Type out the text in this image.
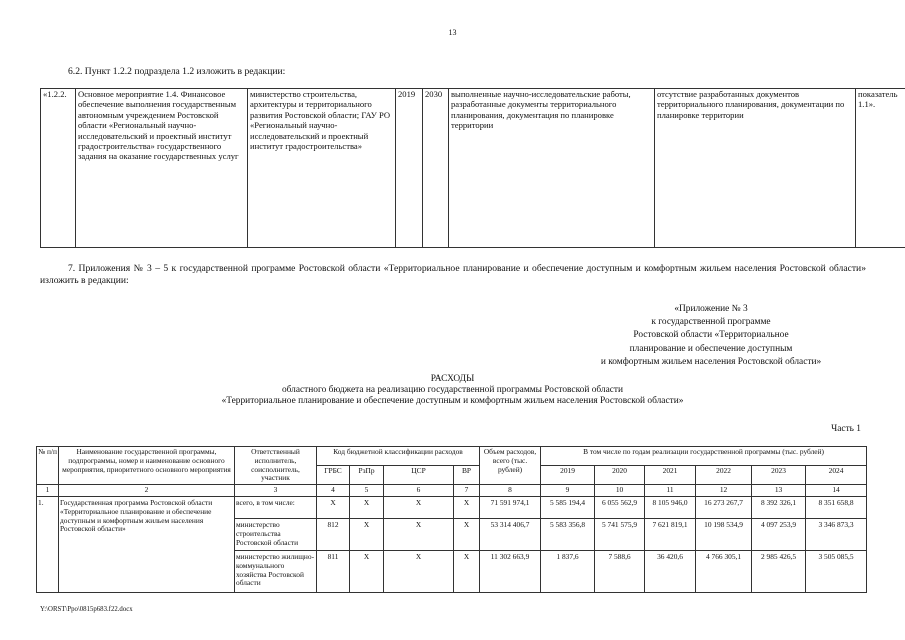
13
6.2. Пункт 1.2.2 подраздела 1.2 изложить в редакции:
«1.2.2.	Основное мероприятие 1.4. Финансовое обеспечение выполнения государственным автономным учреждением Ростовской области «Региональный научно-исследовательский и проектный институт градостроительства» государственного задания на оказание государственных услуг	министерство строительства, архитектуры и территориального развития Ростовской области; ГАУ РО «Региональный научно-исследовательский и проектный институт градостроительства»	2019	2030	выполненные научно-исследовательские работы, разработанные документы территориального планирования, документация по планировке территории	отсутствие разработанных документов территориального планирования, документации по планировке территории	показатель 1.1».
7. Приложения № 3 – 5 к государственной программе Ростовской области «Территориальное планирование и обеспечение доступным и комфортным жильем населения Ростовской области» изложить в редакции:
«Приложение № 3
к государственной программе
Ростовской области «Территориальное
планирование и обеспечение доступным
и комфортным жильем населения Ростовской области»
РАСХОДЫ
областного бюджета на реализацию государственной программы Ростовской области
«Территориальное планирование и обеспечение доступным и комфортным жильем населения Ростовской области»
Часть 1
№ п/п	Наименование государственной программы, подпрограммы, номер и наименование основного мероприятия, приоритетного основного мероприятия	Ответственный исполнитель, соисполнитель, участник	Код бюджетной классификации расходов				Объем расходов, всего (тыс. рублей)	В том числе по годам реализации государственной программы (тыс. рублей)					
			ГРБС	РзПр	ЦСР	ВР		2019	2020	2021	2022	2023	2024
1	2	3	4	5	6	7	8	9	10	11	12	13	14
1.	Государственная программа Ростовской области «Территориальное планирование и обеспечение доступным и комфортным жильем населения Ростовской области»	всего, в том числе:	X	X	X	X	71 591 974,1	5 585 194,4	6 055 562,9	8 105 946,0	16 273 267,7	8 392 326,1	8 351 658,8
		министерство строительства Ростовской области	812	X	X	X	53 314 406,7	5 583 356,8	5 741 575,9	7 621 819,1	10 198 534,9	4 097 253,9	3 346 873,3
		министерство жилищно-коммунального хозяйства Ростовской области	811	X	X	X	11 302 663,9	1 837,6	7 588,6	36 420,6	4 766 305,1	2 985 426,5	3 505 085,5
Y:\ORST\Ppo\0815p683.f22.docx
